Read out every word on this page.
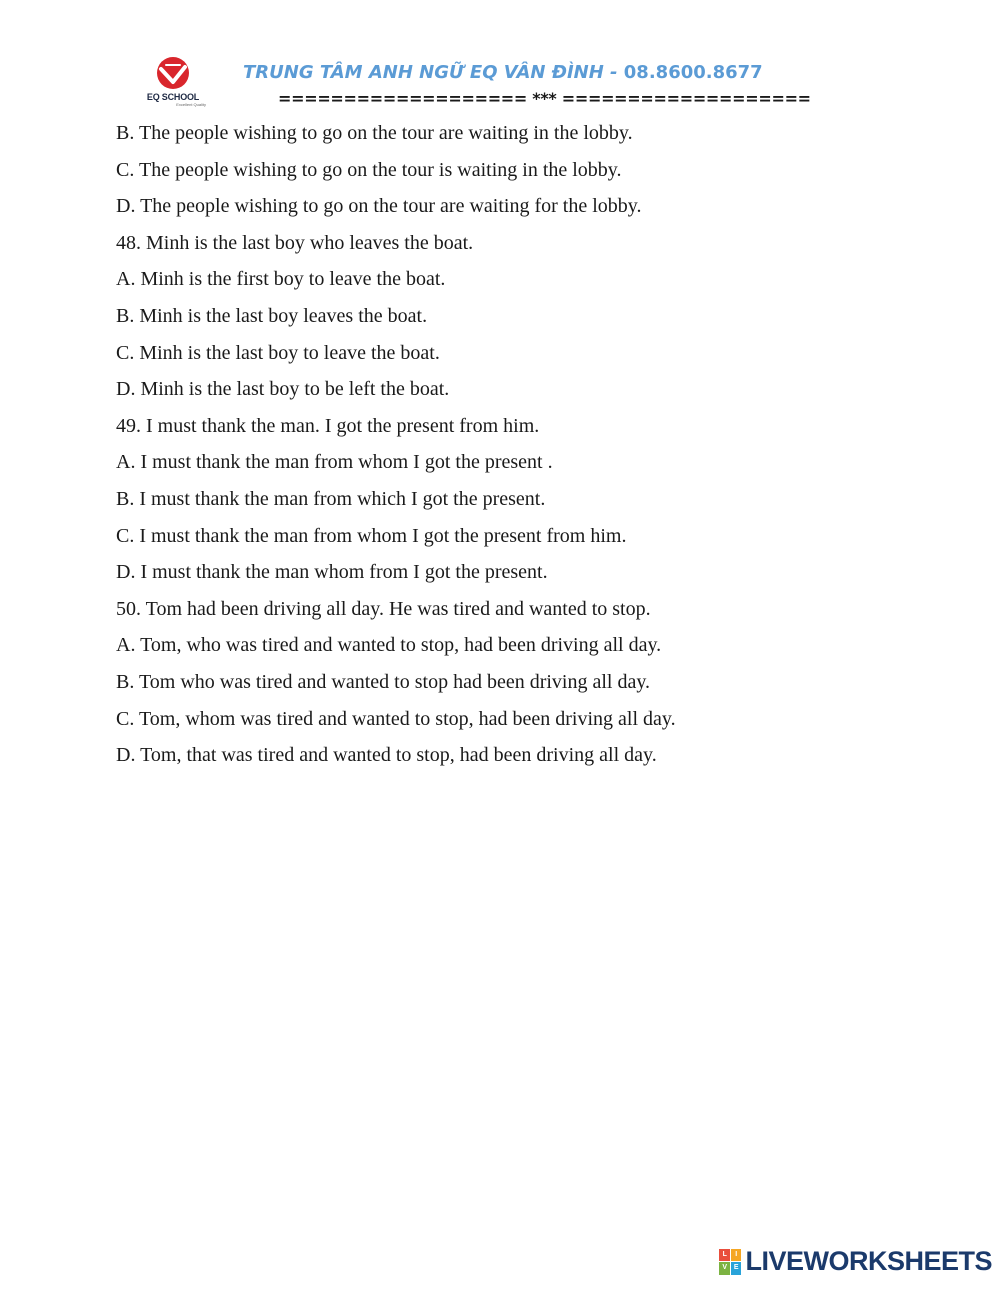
EQ SCHOOL
Excellent Quality
TRUNG TÂM ANH NGỮ EQ VÂN ĐÌNH - 08.8600.8677
=================== *** ===================
B. The people wishing to go on the tour are waiting in the lobby.
C. The people wishing to go on the tour is waiting in the lobby.
D. The people wishing to go on the tour are waiting for the lobby.
48. Minh is the last boy who leaves the boat.
A. Minh is the first boy to leave the boat.
B. Minh is the last boy leaves the boat.
C. Minh is the last boy to leave the boat.
D. Minh is the last boy to be left the boat.
49. I must thank the man. I got the present from him.
A. I must thank the man from whom I got the present .
B. I must thank the man from which I got the present.
C. I must thank the man from whom I got the present from him.
D. I must thank the man whom from I got the present.
50. Tom had been driving all day. He was tired and wanted to stop.
A. Tom, who was tired and wanted to stop, had been driving all day.
B. Tom who was tired and wanted to stop had been driving all day.
C. Tom, whom was tired and wanted to stop, had been driving all day.
D. Tom, that was tired and wanted to stop, had been driving all day.
L	I
V E LIVEWORKSHEETS
